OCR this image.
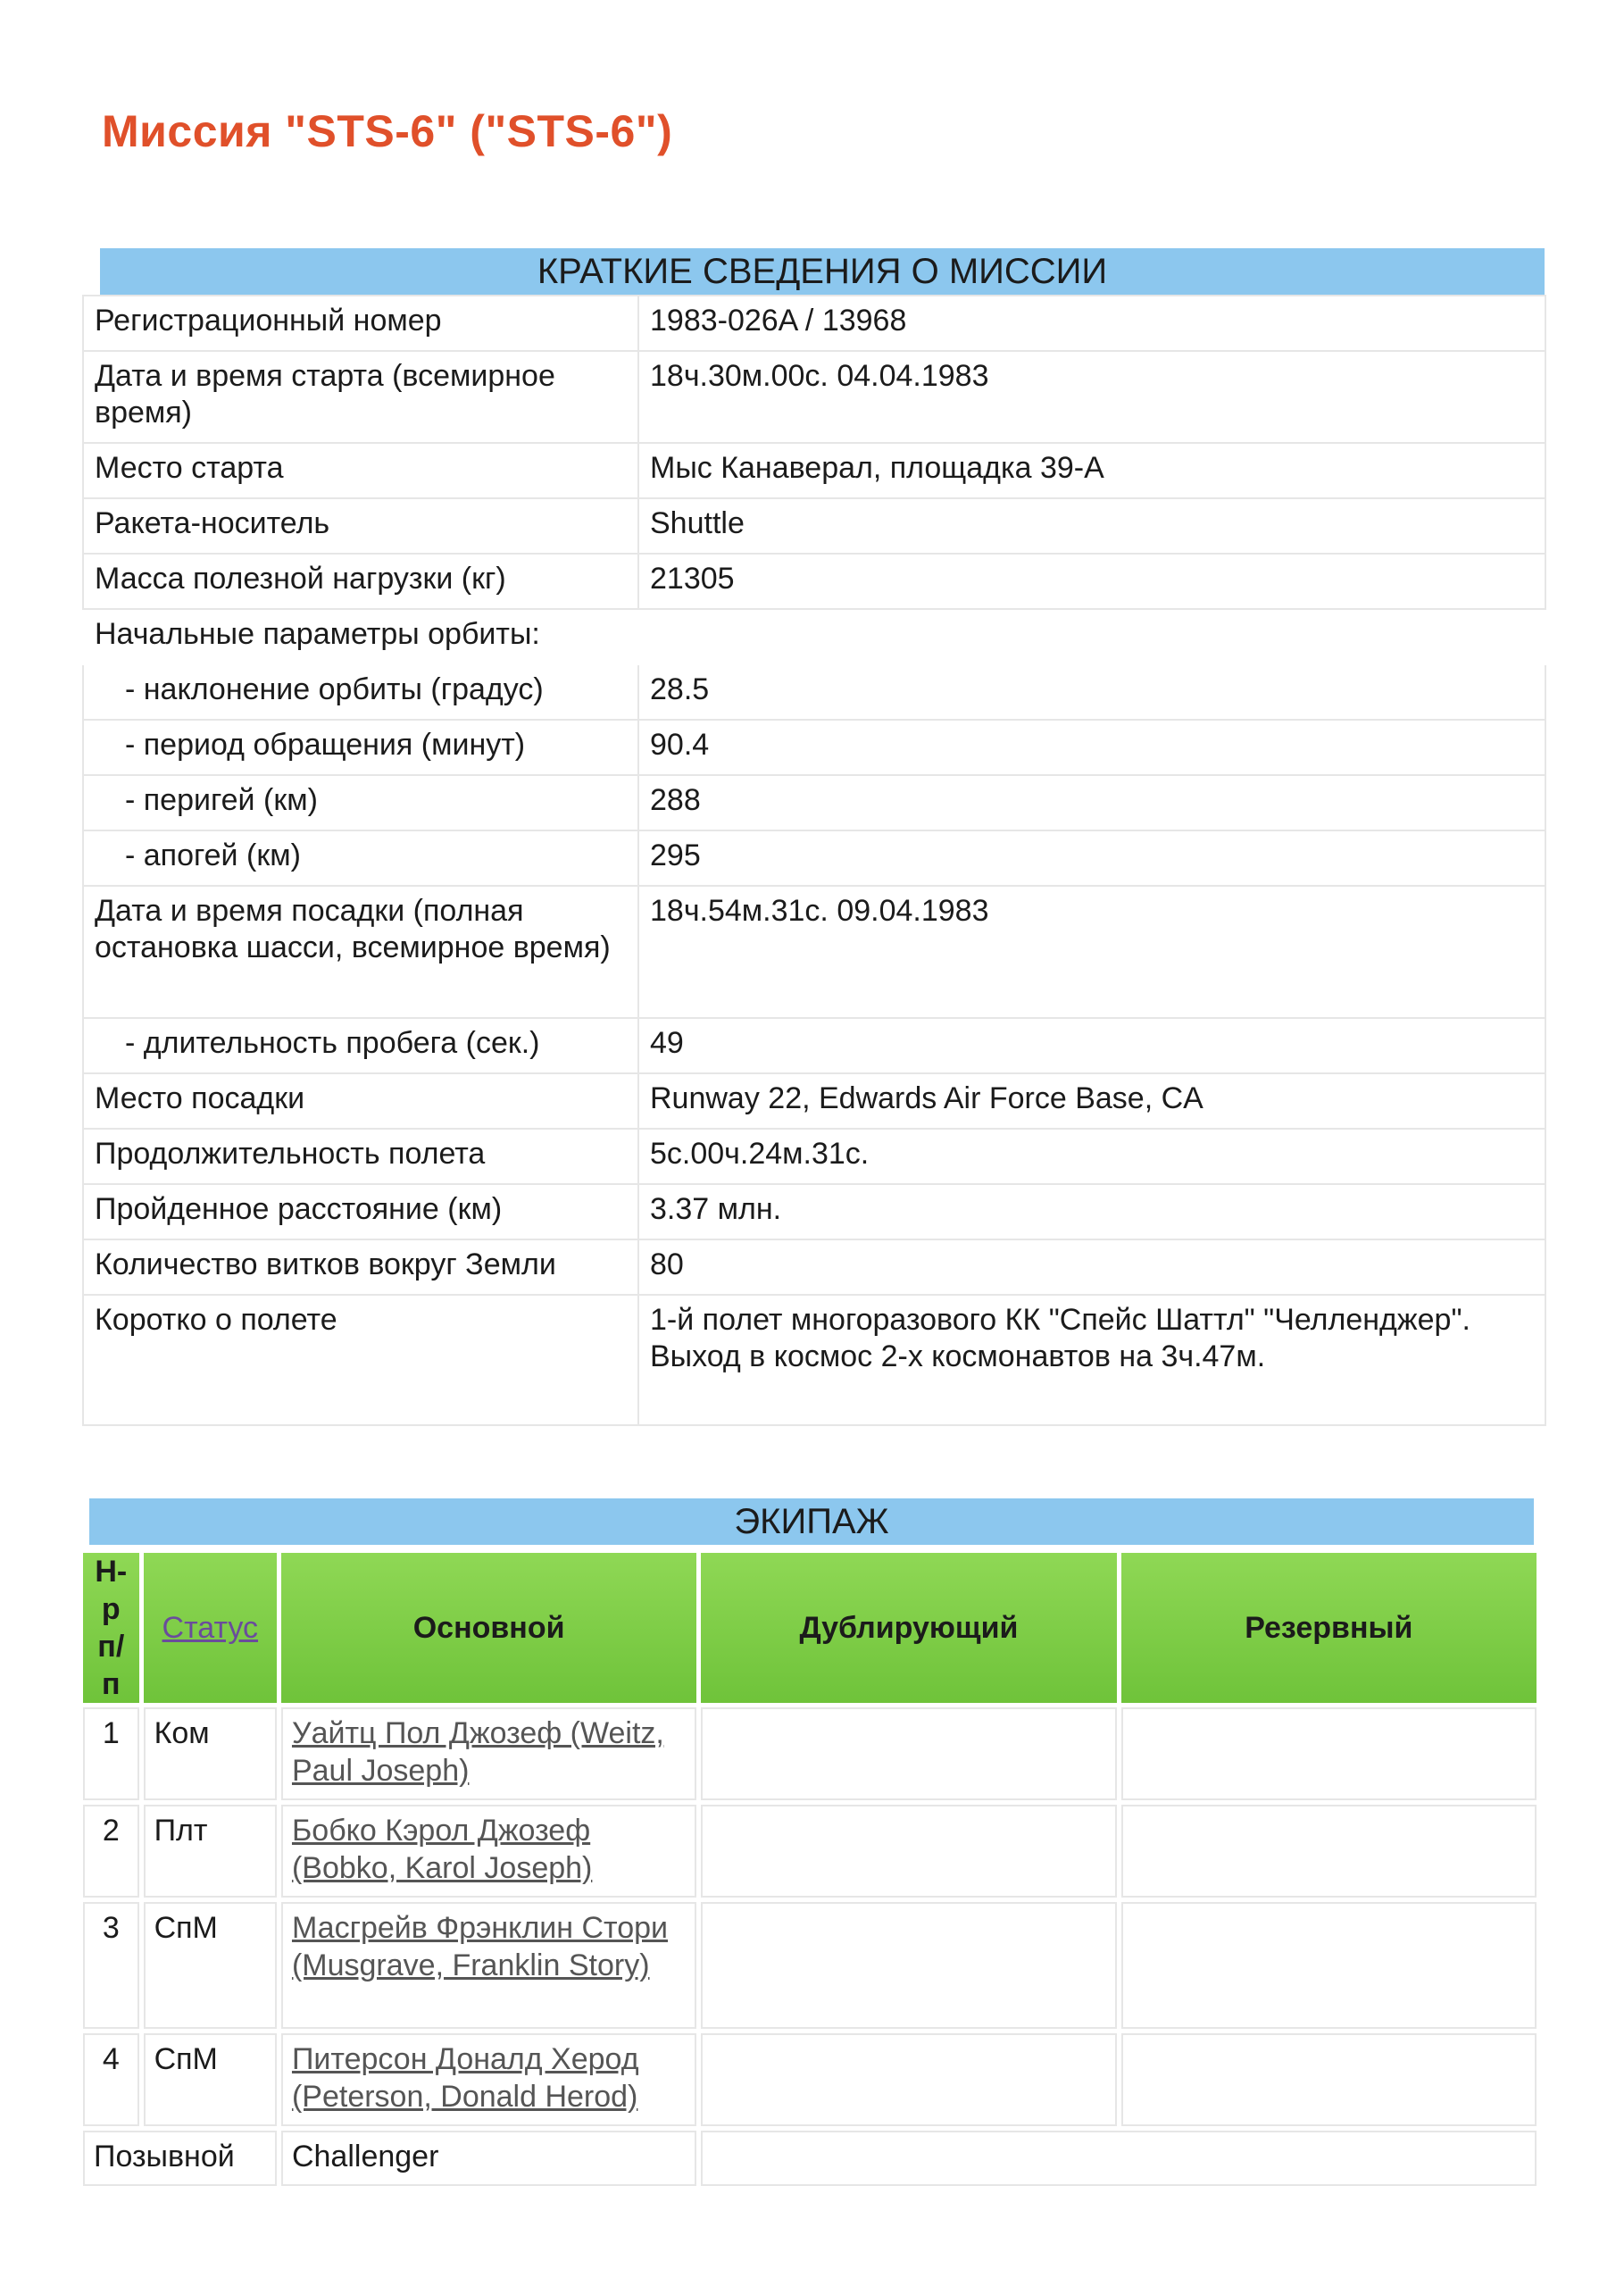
Миссия "STS-6" ("STS-6")
КРАТКИЕ СВЕДЕНИЯ О МИССИИ
Регистрационный номер	1983-026A / 13968
Дата и время старта (всемирное время)	18ч.30м.00с. 04.04.1983
Место старта	Мыс Канаверал, площадка 39-А
Ракета-носитель	Shuttle
Масса полезной нагрузки (кг)	21305
Начальные параметры орбиты:	
- наклонение орбиты (градус)	28.5
- период обращения (минут)	90.4
- перигей (км)	288
- апогей (км)	295
Дата и время посадки (полная остановка шасси, всемирное время)	18ч.54м.31с. 09.04.1983
- длительность пробега (сек.)	49
Место посадки	Runway 22, Edwards Air Force Base, CA
Продолжительность полета	5с.00ч.24м.31с.
Пройденное расстояние (км)	3.37 млн.
Количество витков вокруг Земли	80
Коротко о полете	1-й полет многоразового КК "Спейс Шаттл" "Челленджер". Выход в космос 2-х космонавтов на 3ч.47м.
ЭКИПАЖ
Н-р п/п	Статус	Основной	Дублирующий	Резервный
1	Ком	Уайтц Пол Джозеф (Weitz, Paul Joseph)		
2	Плт	Бобко Кэрол Джозеф (Bobko, Karol Joseph)		
3	СпМ	Масгрейв Фрэнклин Стори (Musgrave, Franklin Story)		
4	СпМ	Питерсон Доналд Херод (Peterson, Donald Herod)		
Позывной		Challenger		
